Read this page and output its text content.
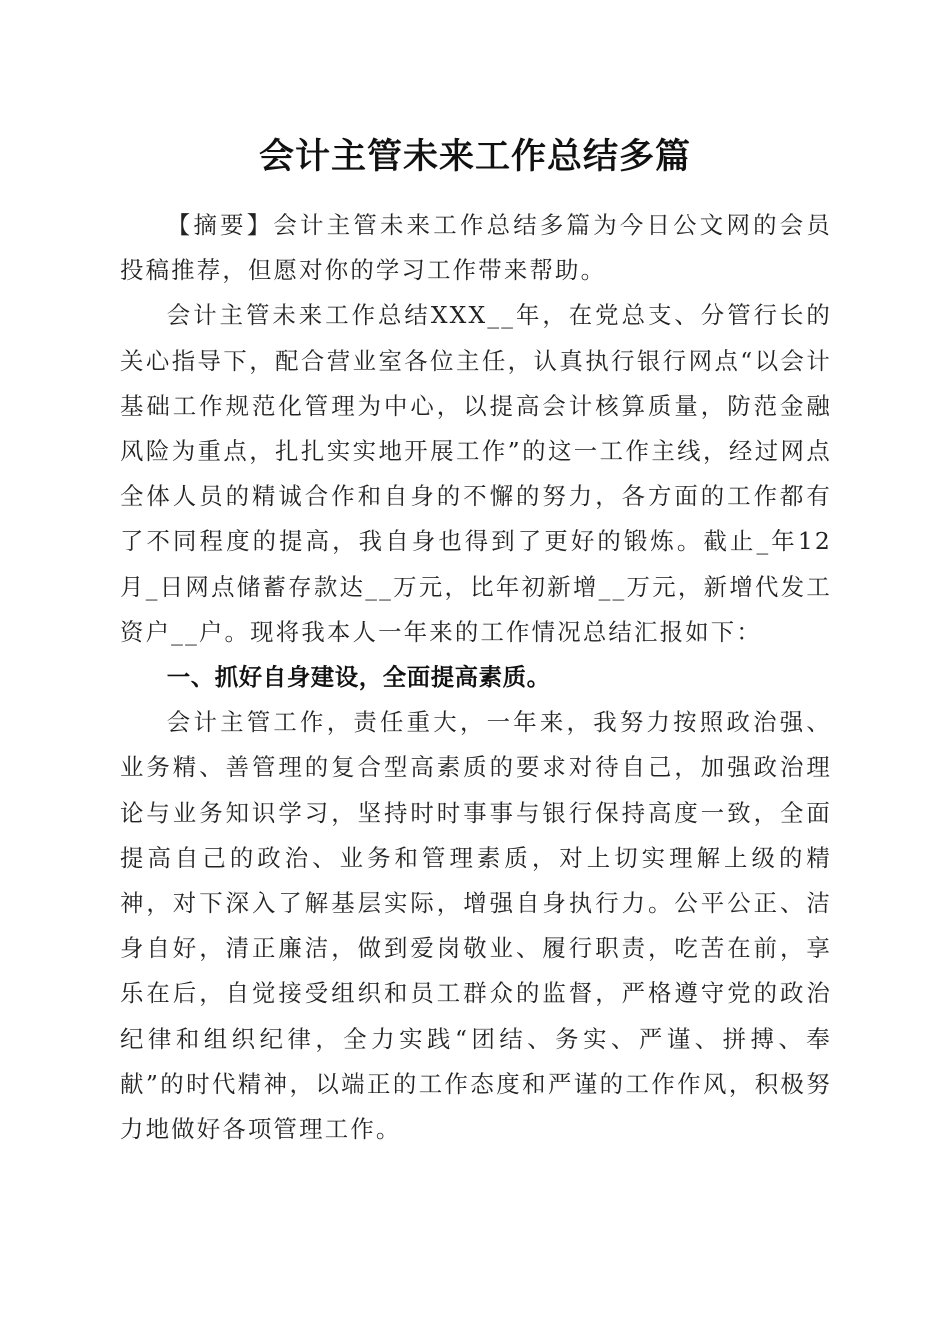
会计主管未来工作总结多篇

【摘要】会计主管未来工作总结多篇为今日公文网的会员投稿推荐，但愿对你的学习工作带来帮助。

会计主管未来工作总结XXX__年，在党总支、分管行长的关心指导下，配合营业室各位主任，认真执行银行网点“以会计基础工作规范化管理为中心，以提高会计核算质量，防范金融风险为重点，扎扎实实地开展工作”的这一工作主线，经过网点全体人员的精诚合作和自身的不懈的努力，各方面的工作都有了不同程度的提高，我自身也得到了更好的锻炼。截止_年12月_日网点储蓄存款达__万元，比年初新增__万元，新增代发工资户__户。现将我本人一年来的工作情况总结汇报如下：

一、抓好自身建设，全面提高素质。

会计主管工作，责任重大，一年来，我努力按照政治强、业务精、善管理的复合型高素质的要求对待自己，加强政治理论与业务知识学习，坚持时时事事与银行保持高度一致，全面提高自己的政治、业务和管理素质，对上切实理解上级的精神，对下深入了解基层实际，增强自身执行力。公平公正、洁身自好，清正廉洁，做到爱岗敬业、履行职责，吃苦在前，享乐在后，自觉接受组织和员工群众的监督，严格遵守党的政治纪律和组织纪律，全力实践“团结、务实、严谨、拼搏、奉献”的时代精神，以端正的工作态度和严谨的工作作风，积极努力地做好各项管理工作。
